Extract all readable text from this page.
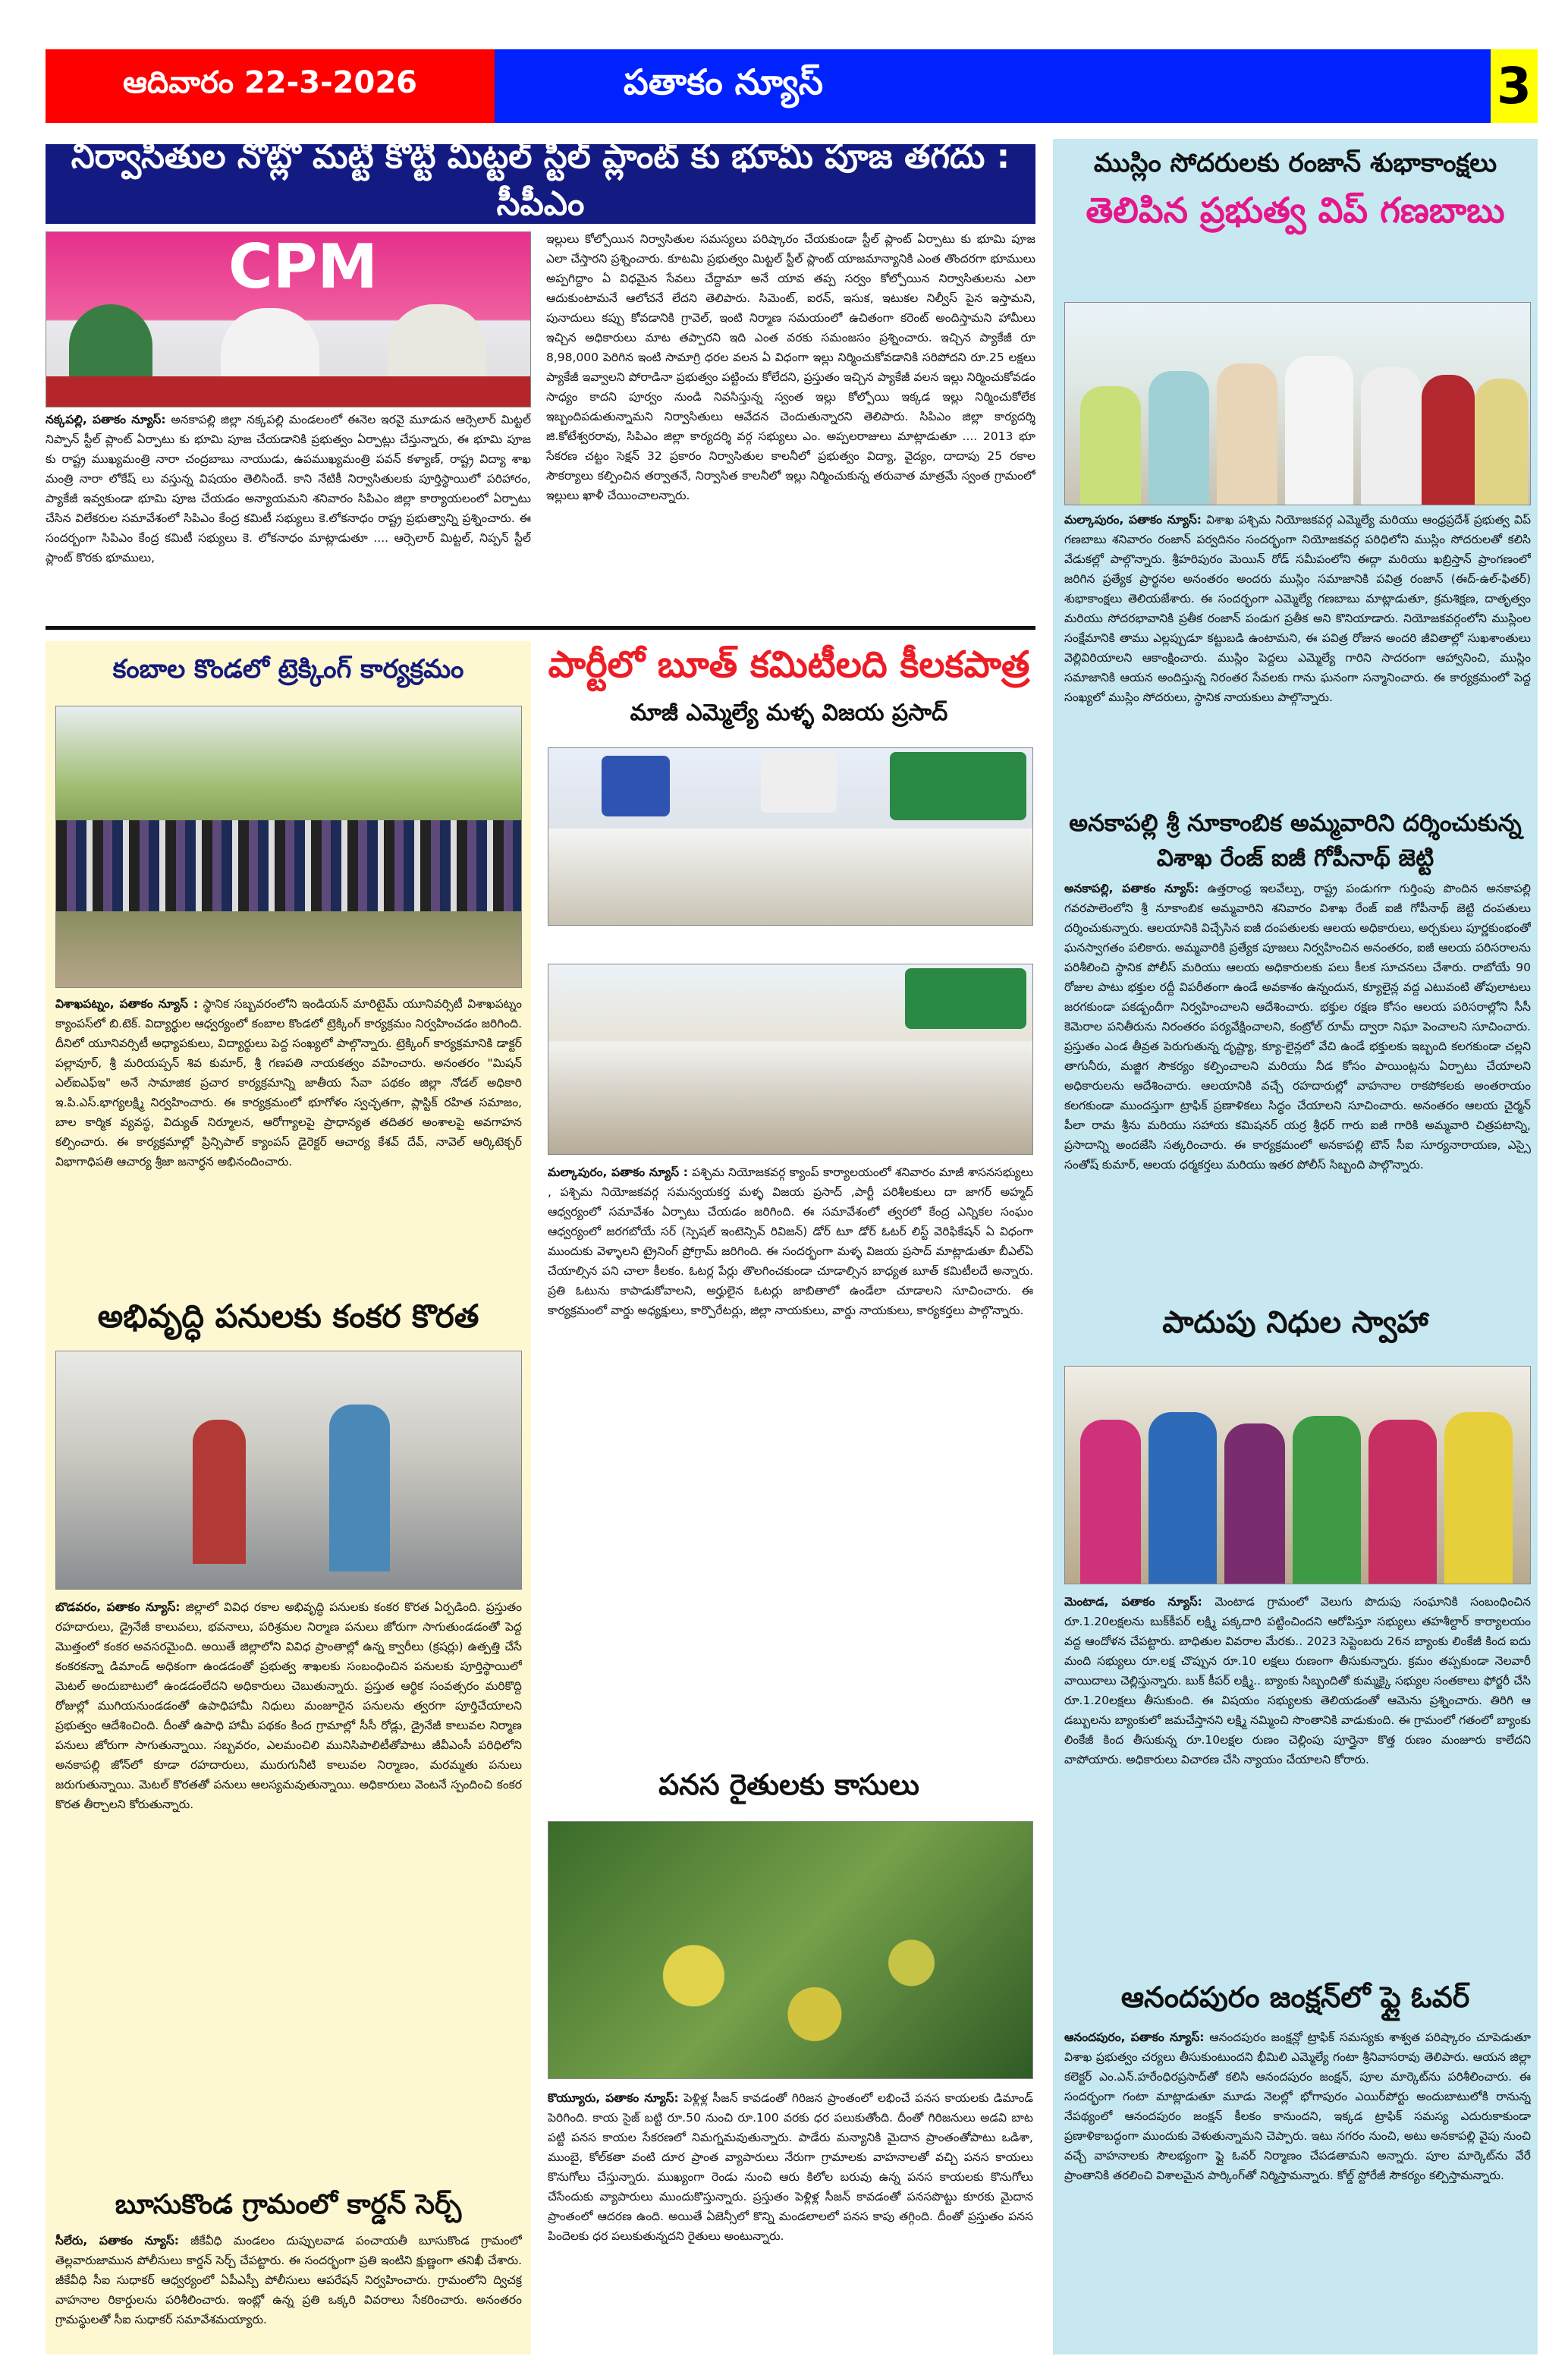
ఆదివారం 22-3-2026	పతాకం న్యూస్	3
నిర్వాసితుల నోట్లో మట్టి కొట్టి మిట్టల్ స్టీల్ ప్లాంట్ కు భూమి పూజ తగదు : సీపీఎం
CPM
నక్కపల్లి, పతాకం న్యూస్: అనకాపల్లి జిల్లా నక్కపల్లి మండలంలో ఈనెల ఇరవై మూడున ఆర్సెలార్ మిట్టల్ నిప్పాన్ స్టీల్ ప్లాంట్ ఏర్పాటు కు భూమి పూజ చేయడానికి ప్రభుత్వం ఏర్పాట్లు చేస్తున్నారు, ఈ భూమి పూజ కు రాష్ట్ర ముఖ్యమంత్రి నారా చంద్రబాబు నాయుడు, ఉపముఖ్యమంత్రి పవన్ కళ్యాణ్, రాష్ట్ర విద్యా శాఖ మంత్రి నారా లోకేష్ లు వస్తున్న విషయం తెలిసిందే. కాని నేటికీ నిర్వాసితులకు పూర్తిస్థాయిలో పరిహారం, ప్యాకేజీ ఇవ్వకుండా భూమి పూజ చేయడం అన్యాయమని శనివారం సిపిఎం జిల్లా కార్యాయలంలో ఏర్పాటు చేసిన విలేకరుల సమావేశంలో సిపిఎం కేంద్ర కమిటీ సభ్యులు కె.లోకనాధం రాష్ట్ర ప్రభుత్వాన్ని ప్రశ్నించారు. ఈ సందర్బంగా సిపిఎం కేంద్ర కమిటీ సభ్యులు కె. లోకనాధం మాట్లాడుతూ .... ఆర్సెలార్ మిట్టల్, నిప్పన్ స్టీల్ ప్లాంట్ కొరకు భూములు,
ఇల్లులు కోల్పోయిన నిర్వాసితుల సమస్యలు పరిష్కారం చేయకుండా స్టీల్ ప్లాంట్ ఏర్పాటు కు భూమి పూజ ఎలా చేస్తారని ప్రశ్నించారు. కూటమి ప్రభుత్వం మిట్టల్ స్టీల్ ప్లాంట్ యాజమాన్యానికి ఎంత తొందరగా భూములు అప్పగిద్దాం ఏ విధమైన సేవలు చేద్దామా అనే యావ తప్ప సర్వం కోల్పోయిన నిర్వాసితులను ఎలా ఆదుకుంటామనే ఆలోచనే లేదని తెలిపారు. సిమెంట్, ఐరన్, ఇసుక, ఇటుకల నిల్వీస్ పైన ఇస్తామని, పునాదులు కప్పు కోవడానికి గ్రావెల్, ఇంటి నిర్మాణ సమయంలో ఉచితంగా కరెంట్ అందిస్తామని హామీలు ఇచ్చిన అధికారులు మాట తప్పారని ఇది ఎంత వరకు సమంజసం ప్రశ్నించారు. ఇచ్చిన ప్యాకేజీ రూ 8,98,000 పెరిగిన ఇంటి సామాగ్రి ధరల వలన ఏ విధంగా ఇల్లు నిర్మించుకోవడానికి సరిపోదని రూ.25 లక్షలు ప్యాకేజీ ఇవ్వాలని పోరాడినా ప్రభుత్వం పట్టించు కోలేదని, ప్రస్తుతం ఇచ్చిన ప్యాకేజీ వలన ఇల్లు నిర్మించుకోవడం సాధ్యం కాదని పూర్వం నుండి నివసిస్తున్న స్వంత ఇల్లు కోల్పోయి ఇక్కడ ఇల్లు నిర్మించుకోలేక ఇబ్బందిపడుతున్నామని నిర్వాసితులు ఆవేదన చెందుతున్నారని తెలిపారు. సిపిఎం జిల్లా కార్యదర్శి జి.కోటేశ్వరరావు, సిపిఎం జిల్లా కార్యదర్శి వర్గ సభ్యులు ఎం. అప్పలరాజులు మాట్లాడుతూ .... 2013 భూ సేకరణ చట్టం సెక్షన్ 32 ప్రకారం నిర్వాసితుల కాలనీలో ప్రభుత్వం విద్యా, వైద్యం, దాదాపు 25 రకాల సౌకర్యాలు కల్పించిన తర్వాతనే, నిర్వాసిత కాలనీలో ఇల్లు నిర్మించుకున్న తరువాత మాత్రమే స్వంత గ్రామంలో ఇల్లులు ఖాళీ చేయించాలన్నారు.
ముస్లిం సోదరులకు రంజాన్ శుభాకాంక్షలు
తెలిపిన ప్రభుత్వ విప్ గణబాబు
మల్కాపురం, పతాకం న్యూస్: విశాఖ పశ్చిమ నియోజకవర్గ ఎమ్మెల్యే మరియు ఆంధ్రప్రదేశ్ ప్రభుత్వ విప్ గణబాబు శనివారం రంజాన్ పర్వదినం సందర్భంగా నియోజకవర్గ పరిధిలోని ముస్లిం సోదరులతో కలిసి వేడుకల్లో పాల్గొన్నారు. శ్రీహరిపురం మెయిన్ రోడ్ సమీపంలోని ఈద్గా మరియు ఖబ్రిస్తాన్ ప్రాంగణంలో జరిగిన ప్రత్యేక ప్రార్థనల అనంతరం అందరు ముస్లిం సమాజానికి పవిత్ర రంజాన్ (ఈద్-ఉల్-ఫితర్) శుభాకాంక్షలు తెలియజేశారు. ఈ సందర్భంగా ఎమ్మెల్యే గణబాబు మాట్లాడుతూ, క్రమశిక్షణ, దాతృత్వం మరియు సోదరభావానికి ప్రతీక రంజాన్ పండుగ ప్రతీక అని కొనియాడారు. నియోజకవర్గంలోని ముస్లింల సంక్షేమానికి తాము ఎల్లప్పుడూ కట్టుబడి ఉంటామని, ఈ పవిత్ర రోజున అందరి జీవితాల్లో సుఖశాంతులు వెల్లివిరియాలని ఆకాంక్షించారు. ముస్లిం పెద్దలు ఎమ్మెల్యే గారిని సాదరంగా ఆహ్వానించి, ముస్లిం సమాజానికి ఆయన అందిస్తున్న నిరంతర సేవలకు గాను ఘనంగా సన్మానించారు. ఈ కార్యక్రమంలో పెద్ద సంఖ్యలో ముస్లిం సోదరులు, స్థానిక నాయకులు పాల్గొన్నారు.
అనకాపల్లి శ్రీ నూకాంబిక అమ్మవారిని దర్శించుకున్న విశాఖ రేంజ్ ఐజీ గోపీనాథ్ జెట్టి
అనకాపల్లి, పతాకం న్యూస్: ఉత్తరాంధ్ర ఇలవేల్పు, రాష్ట్ర పండుగగా గుర్తింపు పొందిన అనకాపల్లి గవరపాలెంలోని శ్రీ నూకాంబిక అమ్మవారిని శనివారం విశాఖ రేంజ్ ఐజీ గోపీనాథ్ జెట్టి దంపతులు దర్శించుకున్నారు. ఆలయానికి విచ్చేసిన ఐజీ దంపతులకు ఆలయ అధికారులు, అర్చకులు పూర్ణకుంభంతో ఘనస్వాగతం పలికారు. అమ్మవారికి ప్రత్యేక పూజలు నిర్వహించిన అనంతరం, ఐజీ ఆలయ పరిసరాలను పరిశీలించి స్థానిక పోలీస్ మరియు ఆలయ అధికారులకు పలు కీలక సూచనలు చేశారు. రాబోయే 90 రోజుల పాటు భక్తుల రద్దీ విపరీతంగా ఉండే అవకాశం ఉన్నందున, క్యూలైన్ల వద్ద ఎటువంటి తోపులాటలు జరగకుండా పకడ్బందీగా నిర్వహించాలని ఆదేశించారు. భక్తుల రక్షణ కోసం ఆలయ పరిసరాల్లోని సీసీ కెమెరాల పనితీరును నిరంతరం పర్యవేక్షించాలని, కంట్రోల్ రూమ్ ద్వారా నిఘా పెంచాలని సూచించారు. ప్రస్తుతం ఎండ తీవ్రత పెరుగుతున్న దృష్ట్యా, క్యూ-లైన్లలో వేచి ఉండే భక్తులకు ఇబ్బంది కలగకుండా చల్లని తాగునీరు, మజ్జిగ సౌకర్యం కల్పించాలని మరియు నీడ కోసం పాయింట్లను ఏర్పాటు చేయాలని అధికారులను ఆదేశించారు. ఆలయానికి వచ్చే రహదారుల్లో వాహనాల రాకపోకలకు అంతరాయం కలగకుండా ముందస్తుగా ట్రాఫిక్ ప్రణాళికలు సిద్ధం చేయాలని సూచించారు. అనంతరం ఆలయ చైర్మన్ పీలా రామ శ్రీను మరియు సహాయ కమిషనర్ యర్ర శ్రీధర్ గారు ఐజీ గారికి అమ్మవారి చిత్రపటాన్ని, ప్రసాదాన్ని అందజేసి సత్కరించారు. ఈ కార్యక్రమంలో అనకాపల్లి టౌన్ సీఐ సూర్యనారాయణ, ఎస్సై సంతోష్ కుమార్, ఆలయ ధర్మకర్తలు మరియు ఇతర పోలీస్ సిబ్బంది పాల్గొన్నారు.
పాదుపు నిధుల స్వాహా
మెంటాడ, పతాకం న్యూస్: మెంటాడ గ్రామంలో వెలుగు పొదుపు సంఘానికి సంబంధించిన రూ.1.20లక్షలను బుక్‌కీపర్ లక్ష్మి పక్కదారి పట్టించిందని ఆరోపిస్తూ సభ్యులు తహశీల్దార్ కార్యాలయం వద్ద ఆందోళన చేపట్టారు. బాధితుల వివరాల మేరకు.. 2023 సెప్టెంబరు 26న బ్యాంకు లింకేజీ కింద ఐదు మంది సభ్యులు రూ.లక్ష చొప్పున రూ.10 లక్షలు రుణంగా తీసుకున్నారు. క్రమం తప్పకుండా నెలవారీ వాయిదాలు చెల్లిస్తున్నారు. బుక్ కీపర్ లక్ష్మి.. బ్యాంకు సిబ్బందితో కుమ్మక్కై సభ్యుల సంతకాలు ఫోర్జరీ చేసి రూ.1.20లక్షలు తీసుకుంది. ఈ విషయం సభ్యులకు తెలియడంతో ఆమెను ప్రశ్నించారు. తిరిగి ఆ డబ్బులను బ్యాంకులో జమచేస్తానని లక్ష్మి నమ్మించి సొంతానికి వాడుకుంది. ఈ గ్రామంలో గతంలో బ్యాంకు లింకేజీ కింద తీసుకున్న రూ.10లక్షల రుణం చెల్లింపు పూర్తైనా కొత్త రుణం మంజూరు కాలేదని వాపోయారు. అధికారులు విచారణ చేసి న్యాయం చేయాలని కోరారు.
ఆనందపురం జంక్షన్‌లో ఫ్లై ఓవర్
ఆనందపురం, పతాకం న్యూస్: ఆనందపురం జంక్షన్లో ట్రాఫిక్ సమస్యకు శాశ్వత పరిష్కారం చూపెడుతూ విశాఖ ప్రభుత్వం చర్యలు తీసుకుంటుందని భీమిలి ఎమ్మెల్యే గంటా శ్రీనివాసరావు తెలిపారు. ఆయన జిల్లా కలెక్టర్ ఎం.ఎన్.హరేంధిరప్రసాద్‌తో కలిసి ఆనందపురం జంక్షన్, పూల మార్కెట్‌ను పరిశీలించారు. ఈ సందర్భంగా గంటా మాట్లాడుతూ మూడు నెలల్లో భోగాపురం ఎయిర్‌పోర్టు అందుబాటులోకి రానున్న నేపథ్యంలో ఆనందపురం జంక్షన్ కీలకం కానుందని, ఇక్కడ ట్రాఫిక్ సమస్య ఎదురుకాకుండా ప్రణాళికాబద్ధంగా ముందుకు వెళుతున్నామని చెప్పారు. ఇటు నగరం నుంచి, అటు అనకాపల్లి వైపు నుంచి వచ్చే వాహనాలకు సౌలభ్యంగా ఫ్లై ఓవర్ నిర్మాణం చేపడతామని అన్నారు. పూల మార్కెట్‌ను వేరే ప్రాంతానికి తరలించి విశాలమైన పార్కింగ్‌తో నిర్మిస్తామన్నారు. కోల్డ్ స్టోరేజీ సౌకర్యం కల్పిస్తామన్నారు.
కంబాల కొండలో ట్రెక్కింగ్ కార్యక్రమం
విశాఖపట్నం, పతాకం న్యూస్ : స్థానిక సబ్బవరంలోని ఇండియన్ మారిటైమ్ యూనివర్సిటీ విశాఖపట్నం క్యాంపస్‌లో బి.టెక్. విద్యార్థుల ఆధ్వర్యంలో కంబాల కొండలో ట్రెక్కింగ్ కార్యక్రమం నిర్వహించడం జరిగింది. దీనిలో యూనివర్సిటీ అధ్యాపకులు, విద్యార్థులు పెద్ద సంఖ్యలో పాల్గొన్నారు. ట్రెక్కింగ్ కార్యక్రమానికి డాక్టర్ పల్లావూర్, శ్రీ మరియప్పన్ శివ కుమార్, శ్రీ గణపతి నాయకత్వం వహించారు. అనంతరం "మిషన్ ఎల్‌ఐఎఫ్ఇ" అనే సామాజిక ప్రచార కార్యక్రమాన్ని జాతీయ సేవా పథకం జిల్లా నోడల్ అధికారి ఇ.పి.ఎస్.భాగ్యలక్ష్మి నిర్వహించారు. ఈ కార్యక్రమంలో భూగోళం స్వచ్ఛతగా, ప్లాస్టిక్ రహిత సమాజం, బాల కార్మిక వ్యవస్థ, విద్యుత్ నిర్మూలన, ఆరోగ్యాలపై ప్రాధాన్యత తదితర అంశాలపై అవగాహన కల్పించారు. ఈ కార్యక్రమాల్లో ప్రిన్సిపాల్ క్యాంపస్ డైరెక్టర్ ఆచార్య కేశవ్ దేవ్, నావెల్ ఆర్కిటెక్చర్ విభాగాధిపతి ఆచార్య శ్రీజా జనార్ధన అభినందించారు.
అభివృద్ధి పనులకు కంకర కొరత
బొడవరం, పతాకం న్యూస్: జిల్లాలో వివిధ రకాల అభివృద్ధి పనులకు కంకర కొరత ఏర్పడింది. ప్రస్తుతం రహదారులు, డ్రైనేజీ కాలువలు, భవనాలు, పరిశ్రమల నిర్మాణ పనులు జోరుగా సాగుతుండడంతో పెద్ద మొత్తంలో కంకర అవసరమైంది. అయితే జిల్లాలోని వివిధ ప్రాంతాల్లో ఉన్న క్వారీలు (క్రషర్లు) ఉత్పత్తి చేసే కంకరకన్నా డిమాండ్ అధికంగా ఉండడంతో ప్రభుత్వ శాఖలకు సంబంధించిన పనులకు పూర్తిస్థాయిలో మెటల్ అందుబాటులో ఉండడంలేదని అధికారులు చెబుతున్నారు. ప్రస్తుత ఆర్థిక సంవత్సరం మరికొద్ది రోజుల్లో ముగియనుండడంతో ఉపాధిహామీ నిధులు మంజూరైన పనులను త్వరగా పూర్తిచేయాలని ప్రభుత్వం ఆదేశించింది. దీంతో ఉపాధి హామీ పథకం కింద గ్రామాల్లో సీసీ రోడ్లు, డ్రైనేజీ కాలువల నిర్మాణ పనులు జోరుగా సాగుతున్నాయి. సబ్బవరం, ఎలమంచిలి మునిసిపాలిటీతోపాటు జీవీఎంసీ పరిధిలోని అనకాపల్లి జోన్‌లో కూడా రహదారులు, మురుగునీటి కాలువల నిర్మాణం, మరమ్మతు పనులు జరుగుతున్నాయి. మెటల్ కొరతతో పనులు ఆలస్యమవుతున్నాయి. అధికారులు వెంటనే స్పందించి కంకర కొరత తీర్చాలని కోరుతున్నారు.
బూసుకొండ గ్రామంలో కార్డన్ సెర్చ్
సీలేరు, పతాకం న్యూస్: జీకేవీధి మండలం దుప్పులవాడ పంచాయతీ బూసుకొండ గ్రామంలో తెల్లవారుజామున పోలీసులు కార్డన్ సెర్చ్ చేపట్టారు. ఈ సందర్భంగా ప్రతి ఇంటిని క్షుణ్ణంగా తనిఖీ చేశారు. జీకేవీధి సీఐ సుధాకర్ ఆధ్వర్యంలో ఏపీఎస్పీ పోలీసులు ఆపరేషన్ నిర్వహించారు. గ్రామంలోని ద్విచక్ర వాహనాల రికార్డులను పరిశీలించారు. ఇంట్లో ఉన్న ప్రతి ఒక్కరి వివరాలు సేకరించారు. అనంతరం గ్రామస్థులతో సీఐ సుధాకర్ సమావేశమయ్యారు.
పార్టీలో బూత్ కమిటీలది కీలకపాత్ర
మాజీ ఎమ్మెల్యే మళ్ళ విజయ ప్రసాద్
మల్కాపురం, పతాకం న్యూస్ : పశ్చిమ నియోజకవర్గ క్యాంప్ కార్యాలయంలో శనివారం మాజీ శాసనసభ్యులు , పశ్చిమ నియోజకవర్గ సమన్వయకర్త మళ్ళ విజయ ప్రసాద్ ,పార్టీ పరిశీలకులు దా జాగర్ అహ్మద్ ఆధ్వర్యంలో సమావేశం ఏర్పాటు చేయడం జరిగింది. ఈ సమావేశంలో త్వరలో కేంద్ర ఎన్నికల సంఘం ఆధ్వర్యంలో జరగబోయే సర్ (స్పెషల్ ఇంటెన్సివ్ రివిజన్) డోర్ టూ డోర్ ఓటర్ లిస్ట్ వెరిఫికేషన్ ఏ విధంగా ముందుకు వెళ్ళాలని ట్రైనింగ్ ప్రోగ్రామ్ జరిగింది. ఈ సందర్భంగా మళ్ళ విజయ ప్రసాద్ మాట్లాడుతూ బీఎల్ఏ చేయాల్సిన పని చాలా కీలకం. ఓటర్ల పేర్లు తొలగించకుండా చూడాల్సిన బాధ్యత బూత్ కమిటీలదే అన్నారు. ప్రతి ఓటును కాపాడుకోవాలని, అర్హులైన ఓటర్లు జాబితాలో ఉండేలా చూడాలని సూచించారు. ఈ కార్యక్రమంలో వార్డు అధ్యక్షులు, కార్పొరేటర్లు, జిల్లా నాయకులు, వార్డు నాయకులు, కార్యకర్తలు పాల్గొన్నారు.
పనస రైతులకు కాసులు
కొయ్యూరు, పతాకం న్యూస్: పెళ్లిళ్ల సీజన్ కావడంతో గిరిజన ప్రాంతంలో లభించే పనస కాయలకు డిమాండ్ పెరిగింది. కాయ సైజ్ బట్టి రూ.50 నుంచి రూ.100 వరకు ధర పలుకుతోంది. దీంతో గిరిజనులు అడవి బాట పట్టి పనస కాయల సేకరణలో నిమగ్నమవుతున్నారు. పాడేరు మన్యానికి మైదాన ప్రాంతంతోపాటు ఒడిశా, ముంబై, కోల్‌కతా వంటి దూర ప్రాంత వ్యాపారులు నేరుగా గ్రామాలకు వాహనాలతో వచ్చి పనస కాయలు కొనుగోలు చేస్తున్నారు. ముఖ్యంగా రెండు నుంచి ఆరు కిలోల బరువు ఉన్న పనస కాయలకు కొనుగోలు చేసేందుకు వ్యాపారులు ముందుకొస్తున్నారు. ప్రస్తుతం పెళ్లిళ్ల సీజన్ కావడంతో పనసపొట్టు కూరకు మైదాన ప్రాంతంలో ఆదరణ ఉంది. అయితే ఏజెన్సీలో కొన్ని మండలాలలో పనస కాపు తగ్గింది. దీంతో ప్రస్తుతం పనస పిందెలకు ధర పలుకుతున్నదని రైతులు అంటున్నారు.
